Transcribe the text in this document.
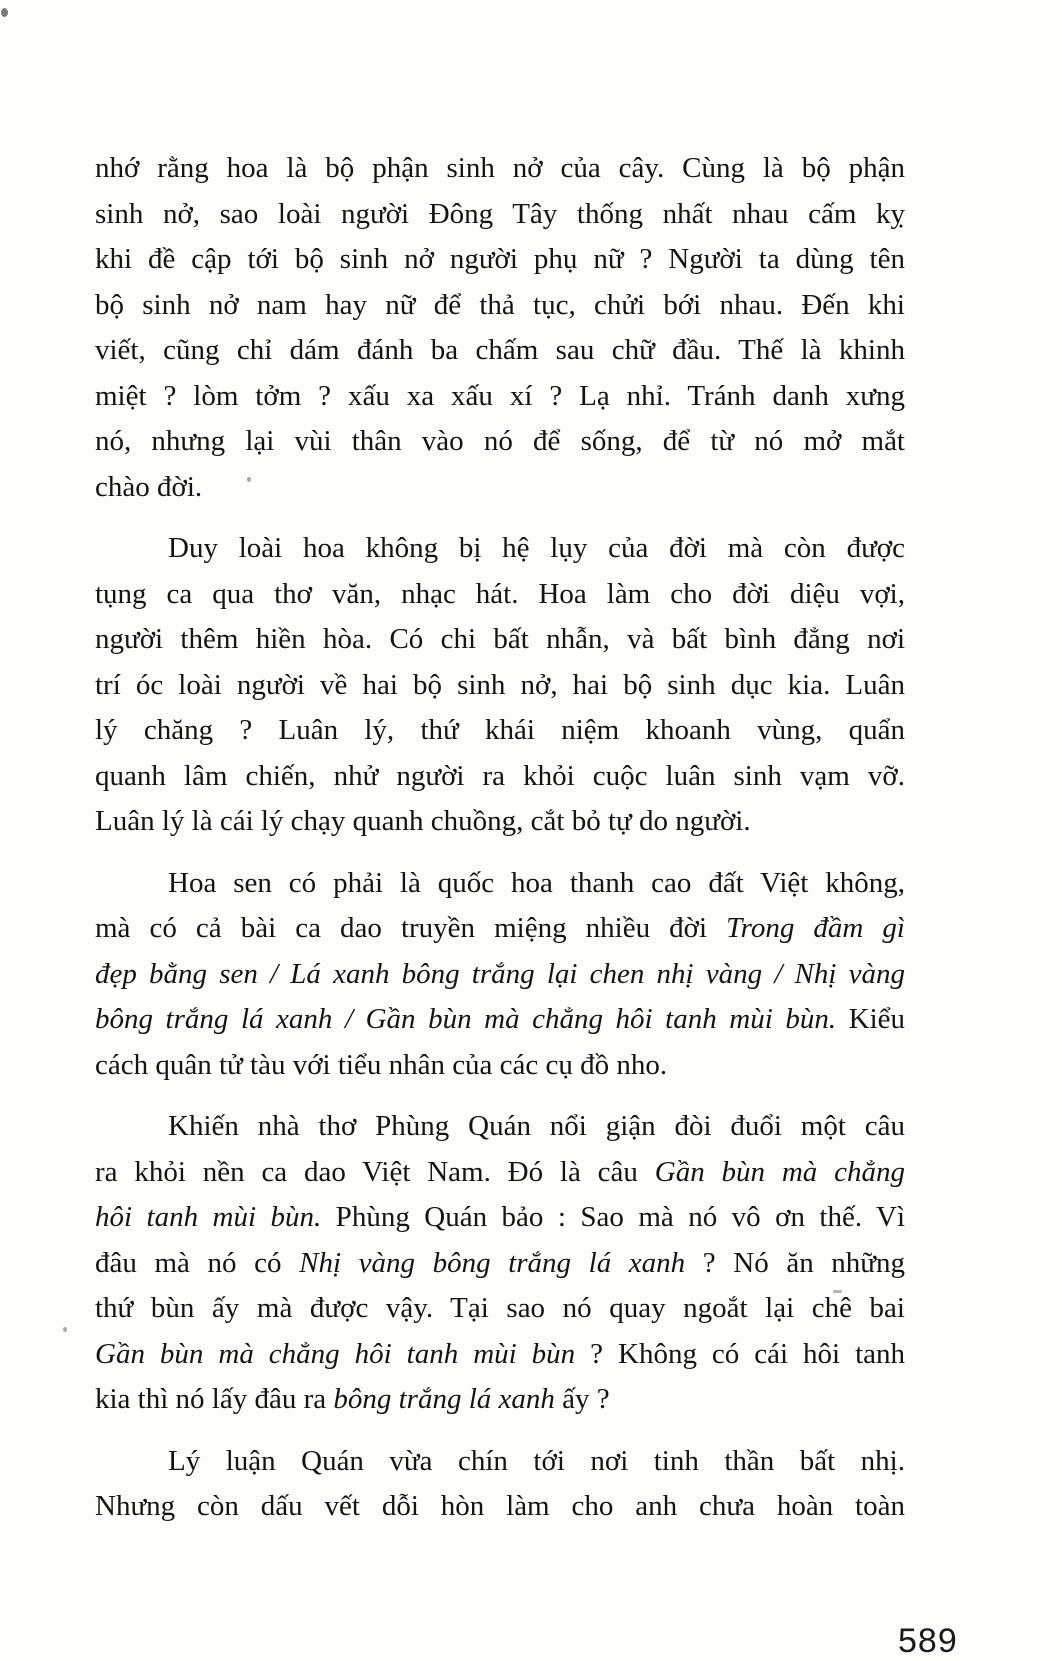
nhớ rằng hoa là bộ phận sinh nở của cây. Cùng là bộ phận
sinh nở, sao loài người Đông Tây thống nhất nhau cấm kỵ
khi đề cập tới bộ sinh nở người phụ nữ ? Người ta dùng tên
bộ sinh nở nam hay nữ để thả tục, chửi bới nhau. Đến khi
viết, cũng chỉ dám đánh ba chấm sau chữ đầu. Thế là khinh
miệt ? lòm tởm ? xấu xa xấu xí ? Lạ nhỉ. Tránh danh xưng
nó, nhưng lại vùi thân vào nó để sống, để từ nó mở mắt
chào đời.
Duy loài hoa không bị hệ lụy của đời mà còn được
tụng ca qua thơ văn, nhạc hát. Hoa làm cho đời diệu vợi,
người thêm hiền hòa. Có chi bất nhẫn, và bất bình đẳng nơi
trí óc loài người về hai bộ sinh nở, hai bộ sinh dục kia. Luân
lý chăng ? Luân lý, thứ khái niệm khoanh vùng, quẩn
quanh lâm chiến, nhử người ra khỏi cuộc luân sinh vạm vỡ.
Luân lý là cái lý chạy quanh chuồng, cắt bỏ tự do người.
Hoa sen có phải là quốc hoa thanh cao đất Việt không,
mà có cả bài ca dao truyền miệng nhiều đời Trong đầm gì
đẹp bằng sen / Lá xanh bông trắng lại chen nhị vàng / Nhị vàng
bông trắng lá xanh / Gần bùn mà chẳng hôi tanh mùi bùn. Kiểu
cách quân tử tàu với tiểu nhân của các cụ đồ nho.
Khiến nhà thơ Phùng Quán nổi giận đòi đuổi một câu
ra khỏi nền ca dao Việt Nam. Đó là câu Gần bùn mà chẳng
hôi tanh mùi bùn. Phùng Quán bảo : Sao mà nó vô ơn thế. Vì
đâu mà nó có Nhị vàng bông trắng lá xanh ? Nó ăn những
thứ bùn ấy mà được vậy. Tại sao nó quay ngoắt lại chê bai
Gần bùn mà chẳng hôi tanh mùi bùn ? Không có cái hôi tanh
kia thì nó lấy đâu ra bông trắng lá xanh ấy ?
Lý luận Quán vừa chín tới nơi tinh thần bất nhị.
Nhưng còn dấu vết dỗi hòn làm cho anh chưa hoàn toàn
589
